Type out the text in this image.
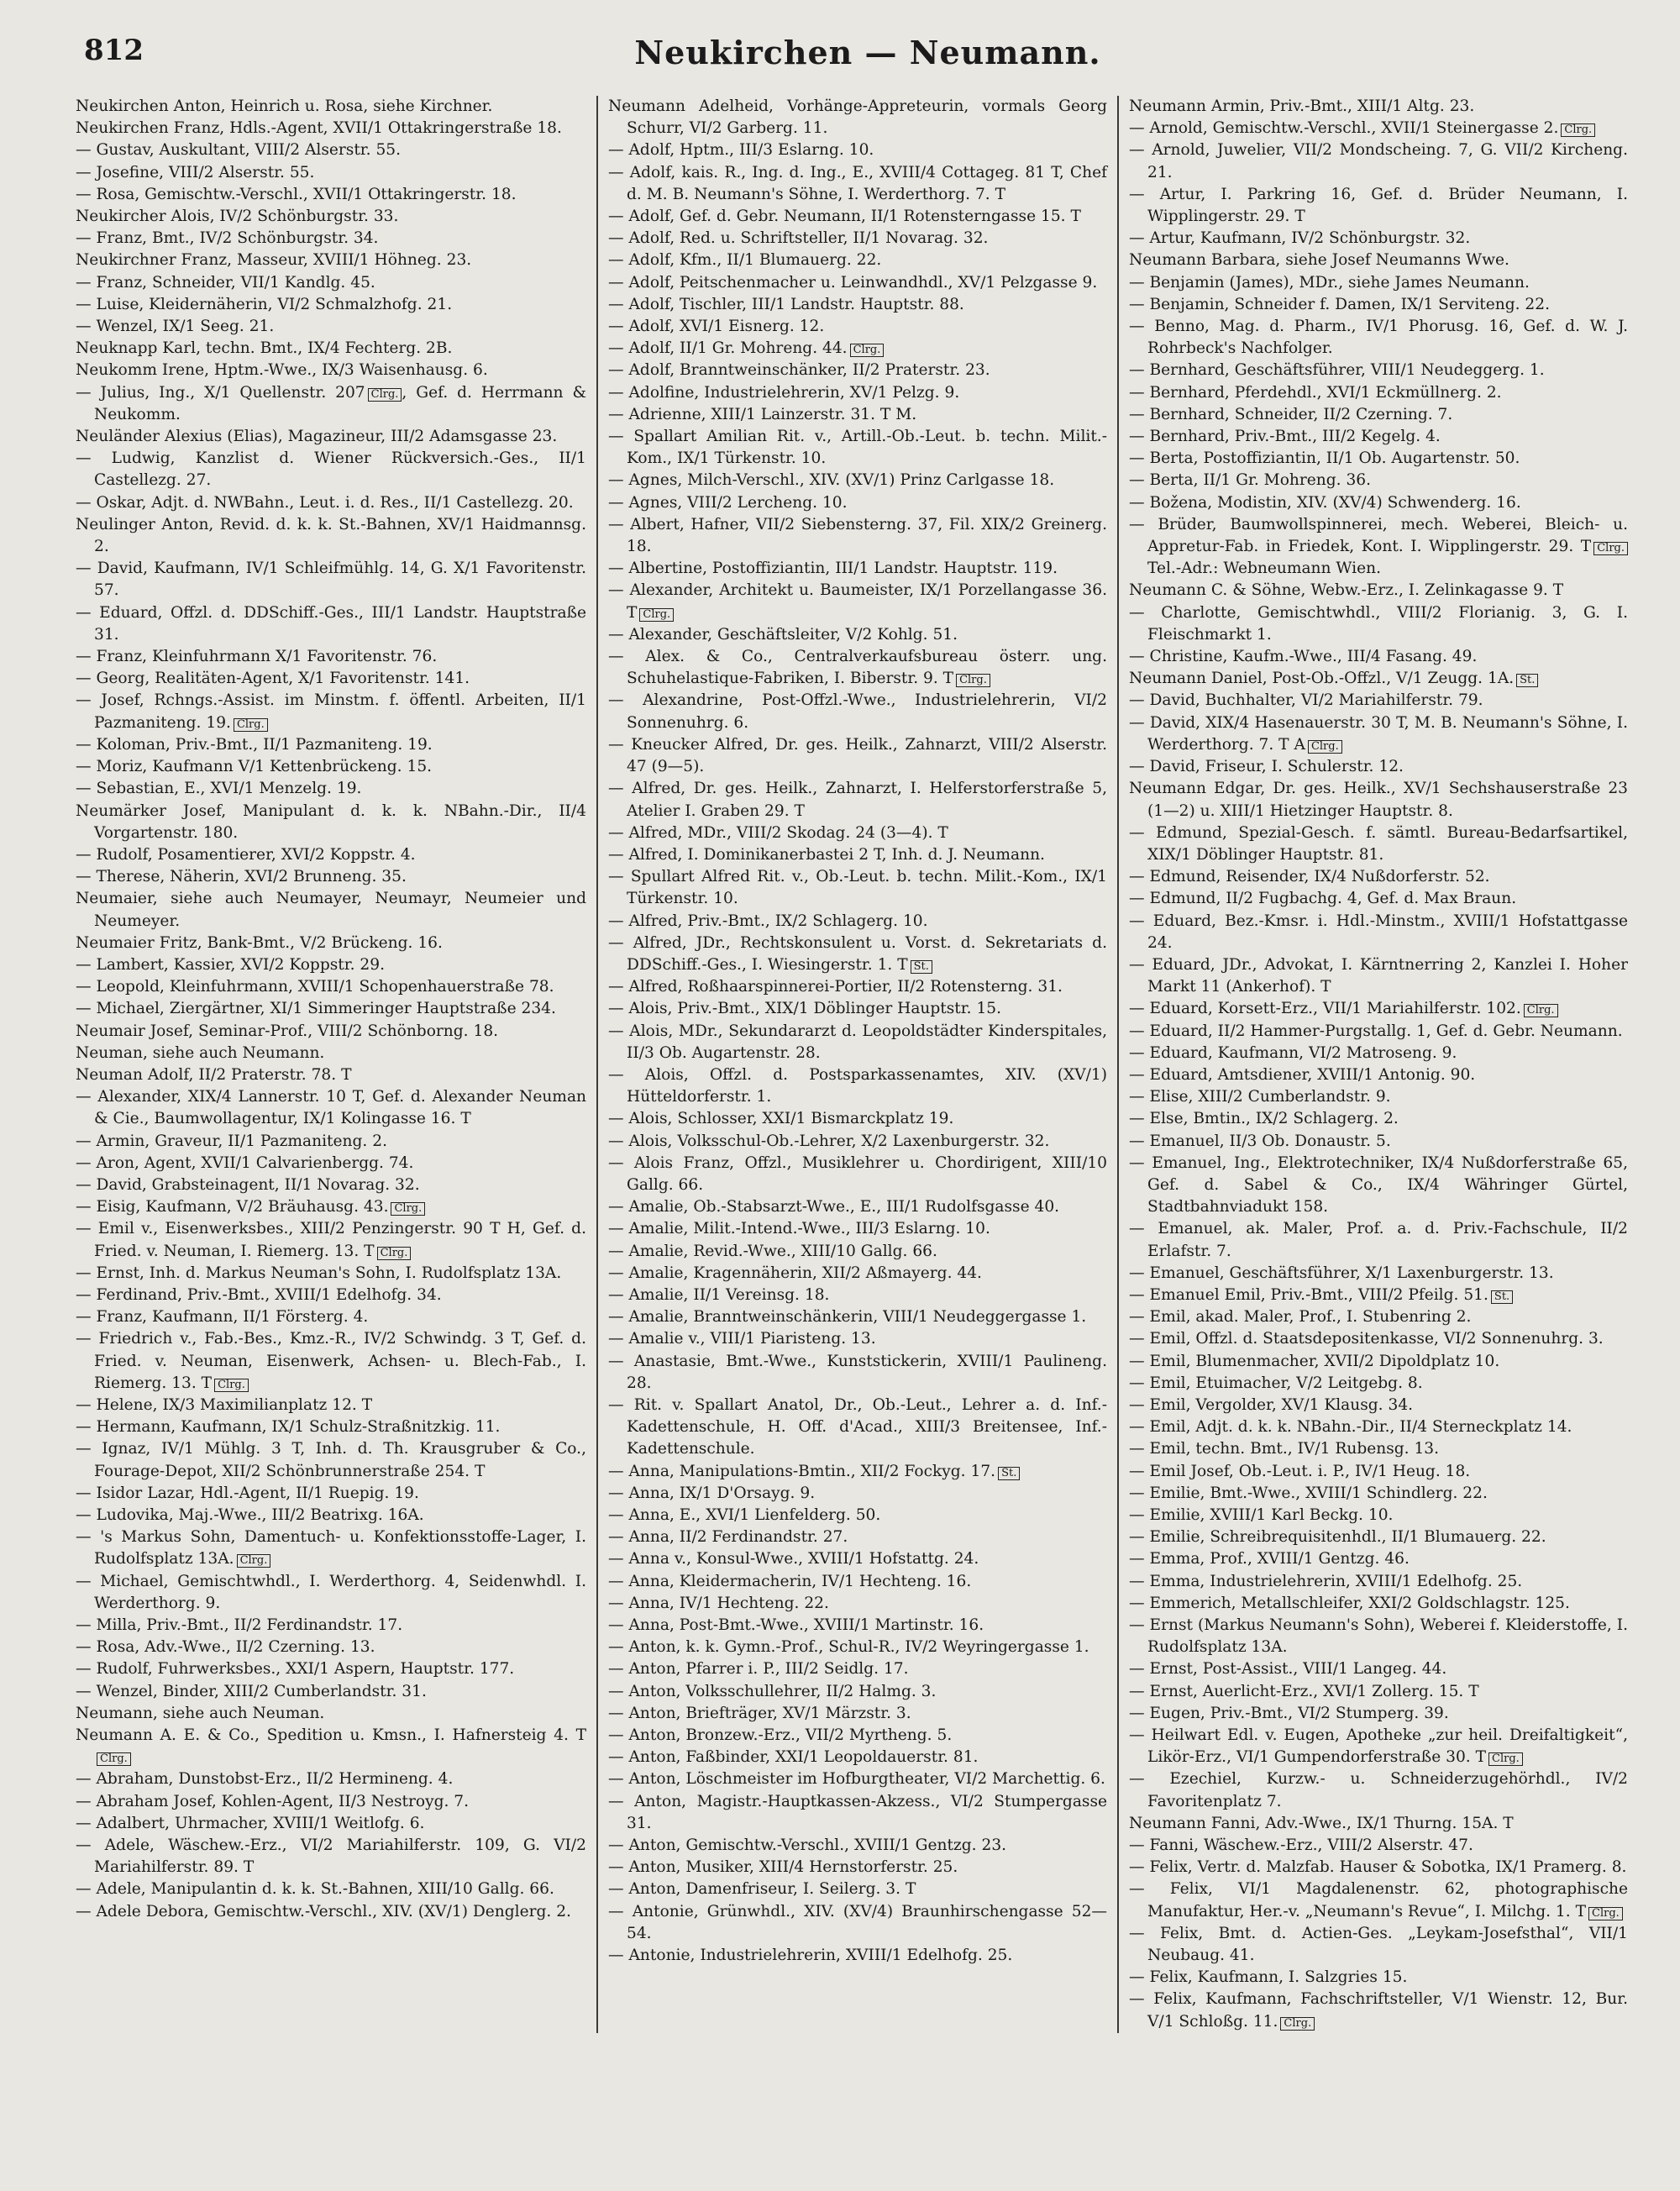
812	Neukirchen — Neumann.
Neukirchen Anton, Heinrich u. Rosa, siehe Kirchner.
Neukirchen Franz, Hdls.-Agent, XVII/1 Ottakringerstraße 18.
— Gustav, Auskultant, VIII/2 Alserstr. 55.
— Josefine, VIII/2 Alserstr. 55.
— Rosa, Gemischtw.-Verschl., XVII/1 Ottakringerstr. 18.
Neukircher Alois, IV/2 Schönburgstr. 33.
— Franz, Bmt., IV/2 Schönburgstr. 34.
Neukirchner Franz, Masseur, XVIII/1 Höhneg. 23.
— Franz, Schneider, VII/1 Kandlg. 45.
— Luise, Kleidernäherin, VI/2 Schmalzhofg. 21.
— Wenzel, IX/1 Seeg. 21.
Neuknapp Karl, techn. Bmt., IX/4 Fechterg. 2B.
Neukomm Irene, Hptm.-Wwe., IX/3 Waisenhausg. 6.
— Julius, Ing., X/1 Quellenstr. 207 Clrg. , Gef. d. Herrmann & Neukomm.
Neuländer Alexius (Elias), Magazineur, III/2 Adamsgasse 23.
— Ludwig, Kanzlist d. Wiener Rückversich.-Ges., II/1 Castellezg. 27.
— Oskar, Adjt. d. NWBahn., Leut. i. d. Res., II/1 Castellezg. 20.
Neulinger Anton, Revid. d. k. k. St.-Bahnen, XV/1 Haidmannsg. 2.
— David, Kaufmann, IV/1 Schleifmühlg. 14, G. X/1 Favoritenstr. 57.
— Eduard, Offzl. d. DDSchiff.-Ges., III/1 Landstr. Hauptstraße 31.
— Franz, Kleinfuhrmann X/1 Favoritenstr. 76.
— Georg, Realitäten-Agent, X/1 Favoritenstr. 141.
— Josef, Rchngs.-Assist. im Minstm. f. öffentl. Arbeiten, II/1 Pazmaniteng. 19. Clrg.
— Koloman, Priv.-Bmt., II/1 Pazmaniteng. 19.
— Moriz, Kaufmann V/1 Kettenbrückeng. 15.
— Sebastian, E., XVI/1 Menzelg. 19.
Neumärker Josef, Manipulant d. k. k. NBahn.-Dir., II/4 Vorgartenstr. 180.
— Rudolf, Posamentierer, XVI/2 Koppstr. 4.
— Therese, Näherin, XVI/2 Brunneng. 35.
Neumaier, siehe auch Neumayer, Neumayr, Neumeier und Neumeyer.
Neumaier Fritz, Bank-Bmt., V/2 Brückeng. 16.
— Lambert, Kassier, XVI/2 Koppstr. 29.
— Leopold, Kleinfuhrmann, XVIII/1 Schopenhauerstraße 78.
— Michael, Ziergärtner, XI/1 Simmeringer Hauptstraße 234.
Neumair Josef, Seminar-Prof., VIII/2 Schönborng. 18.
Neuman, siehe auch Neumann.
Neuman Adolf, II/2 Praterstr. 78. T
— Alexander, XIX/4 Lannerstr. 10 T, Gef. d. Alexander Neuman & Cie., Baumwollagentur, IX/1 Kolingasse 16. T
— Armin, Graveur, II/1 Pazmaniteng. 2.
— Aron, Agent, XVII/1 Calvarienbergg. 74.
— David, Grabsteinagent, II/1 Novarag. 32.
— Eisig, Kaufmann, V/2 Bräuhausg. 43. Clrg.
— Emil v., Eisenwerksbes., XIII/2 Penzingerstr. 90 T H, Gef. d. Fried. v. Neuman, I. Riemerg. 13. T Clrg.
— Ernst, Inh. d. Markus Neuman's Sohn, I. Rudolfsplatz 13A.
— Ferdinand, Priv.-Bmt., XVIII/1 Edelhofg. 34.
— Franz, Kaufmann, II/1 Försterg. 4.
— Friedrich v., Fab.-Bes., Kmz.-R., IV/2 Schwindg. 3 T, Gef. d. Fried. v. Neuman, Eisenwerk, Achsen- u. Blech-Fab., I. Riemerg. 13. T Clrg.
— Helene, IX/3 Maximilianplatz 12. T
— Hermann, Kaufmann, IX/1 Schulz-Straßnitzkig. 11.
— Ignaz, IV/1 Mühlg. 3 T, Inh. d. Th. Krausgruber & Co., Fourage-Depot, XII/2 Schönbrunnerstraße 254. T
— Isidor Lazar, Hdl.-Agent, II/1 Ruepig. 19.
— Ludovika, Maj.-Wwe., III/2 Beatrixg. 16A.
— 's Markus Sohn, Damentuch- u. Konfektionsstoffe-Lager, I. Rudolfsplatz 13A. Clrg.
— Michael, Gemischtwhdl., I. Werderthorg. 4, Seidenwhdl. I. Werderthorg. 9.
— Milla, Priv.-Bmt., II/2 Ferdinandstr. 17.
— Rosa, Adv.-Wwe., II/2 Czerning. 13.
— Rudolf, Fuhrwerksbes., XXI/1 Aspern, Hauptstr. 177.
— Wenzel, Binder, XIII/2 Cumberlandstr. 31.
Neumann, siehe auch Neuman.
Neumann A. E. & Co., Spedition u. Kmsn., I. Hafnersteig 4. TClrg.
— Abraham, Dunstobst-Erz., II/2 Hermineng. 4.
— Abraham Josef, Kohlen-Agent, II/3 Nestroyg. 7.
— Adalbert, Uhrmacher, XVIII/1 Weitlofg. 6.
— Adele, Wäschew.-Erz., VI/2 Mariahilferstr. 109, G. VI/2 Mariahilferstr. 89. T
— Adele, Manipulantin d. k. k. St.-Bahnen, XIII/10 Gallg. 66.
— Adele Debora, Gemischtw.-Verschl., XIV. (XV/1) Denglerg. 2.
Neumann Adelheid, Vorhänge-Appreteurin, vormals Georg Schurr, VI/2 Garberg. 11.
— Adolf, Hptm., III/3 Eslarng. 10.
— Adolf, kais. R., Ing. d. Ing., E., XVIII/4 Cottageg. 81 T, Chef d. M. B. Neumann's Söhne, I. Werderthorg. 7. T
— Adolf, Gef. d. Gebr. Neumann, II/1 Rotensterngasse 15. T
— Adolf, Red. u. Schriftsteller, II/1 Novarag. 32.
— Adolf, Kfm., II/1 Blumauerg. 22.
— Adolf, Peitschenmacher u. Leinwandhdl., XV/1 Pelzgasse 9.
— Adolf, Tischler, III/1 Landstr. Hauptstr. 88.
— Adolf, XVI/1 Eisnerg. 12.
— Adolf, II/1 Gr. Mohreng. 44. Clrg.
— Adolf, Branntweinschänker, II/2 Praterstr. 23.
— Adolfine, Industrielehrerin, XV/1 Pelzg. 9.
— Adrienne, XIII/1 Lainzerstr. 31. T M.
— Spallart Amilian Rit. v., Artill.-Ob.-Leut. b. techn. Milit.-Kom., IX/1 Türkenstr. 10.
— Agnes, Milch-Verschl., XIV. (XV/1) Prinz Carlgasse 18.
— Agnes, VIII/2 Lercheng. 10.
— Albert, Hafner, VII/2 Siebensterng. 37, Fil. XIX/2 Greinerg. 18.
— Albertine, Postoffiziantin, III/1 Landstr. Hauptstr. 119.
— Alexander, Architekt u. Baumeister, IX/1 Porzellangasse 36. T Clrg.
— Alexander, Geschäftsleiter, V/2 Kohlg. 51.
— Alex. & Co., Centralverkaufsbureau österr. ung. Schuhelastique-Fabriken, I. Biberstr. 9. T Clrg.
— Alexandrine, Post-Offzl.-Wwe., Industrielehrerin, VI/2 Sonnenuhrg. 6.
— Kneucker Alfred, Dr. ges. Heilk., Zahnarzt, VIII/2 Alserstr. 47 (9—5).
— Alfred, Dr. ges. Heilk., Zahnarzt, I. Helferstorferstraße 5, Atelier I. Graben 29. T
— Alfred, MDr., VIII/2 Skodag. 24 (3—4). T
— Alfred, I. Dominikanerbastei 2 T, Inh. d. J. Neumann.
— Spullart Alfred Rit. v., Ob.-Leut. b. techn. Milit.-Kom., IX/1 Türkenstr. 10.
— Alfred, Priv.-Bmt., IX/2 Schlagerg. 10.
— Alfred, JDr., Rechtskonsulent u. Vorst. d. Sekretariats d. DDSchiff.-Ges., I. Wiesingerstr. 1. T St.
— Alfred, Roßhaarspinnerei-Portier, II/2 Rotensterng. 31.
— Alois, Priv.-Bmt., XIX/1 Döblinger Hauptstr. 15.
— Alois, MDr., Sekundararzt d. Leopoldstädter Kinderspitales, II/3 Ob. Augartenstr. 28.
— Alois, Offzl. d. Postsparkassenamtes, XIV. (XV/1) Hütteldorferstr. 1.
— Alois, Schlosser, XXI/1 Bismarckplatz 19.
— Alois, Volksschul-Ob.-Lehrer, X/2 Laxenburgerstr. 32.
— Alois Franz, Offzl., Musiklehrer u. Chordirigent, XIII/10 Gallg. 66.
— Amalie, Ob.-Stabsarzt-Wwe., E., III/1 Rudolfsgasse 40.
— Amalie, Milit.-Intend.-Wwe., III/3 Eslarng. 10.
— Amalie, Revid.-Wwe., XIII/10 Gallg. 66.
— Amalie, Kragennäherin, XII/2 Aßmayerg. 44.
— Amalie, II/1 Vereinsg. 18.
— Amalie, Branntweinschänkerin, VIII/1 Neudeggergasse 1.
— Amalie v., VIII/1 Piaristeng. 13.
— Anastasie, Bmt.-Wwe., Kunststickerin, XVIII/1 Paulineng. 28.
— Rit. v. Spallart Anatol, Dr., Ob.-Leut., Lehrer a. d. Inf.-Kadettenschule, H. Off. d'Acad., XIII/3 Breitensee, Inf.-Kadettenschule.
— Anna, Manipulations-Bmtin., XII/2 Fockyg. 17. St.
— Anna, IX/1 D'Orsayg. 9.
— Anna, E., XVI/1 Lienfelderg. 50.
— Anna, II/2 Ferdinandstr. 27.
— Anna v., Konsul-Wwe., XVIII/1 Hofstattg. 24.
— Anna, Kleidermacherin, IV/1 Hechteng. 16.
— Anna, IV/1 Hechteng. 22.
— Anna, Post-Bmt.-Wwe., XVIII/1 Martinstr. 16.
— Anton, k. k. Gymn.-Prof., Schul-R., IV/2 Weyringergasse 1.
— Anton, Pfarrer i. P., III/2 Seidlg. 17.
— Anton, Volksschullehrer, II/2 Halmg. 3.
— Anton, Briefträger, XV/1 Märzstr. 3.
— Anton, Bronzew.-Erz., VII/2 Myrtheng. 5.
— Anton, Faßbinder, XXI/1 Leopoldauerstr. 81.
— Anton, Löschmeister im Hofburgtheater, VI/2 Marchettig. 6.
— Anton, Magistr.-Hauptkassen-Akzess., VI/2 Stumpergasse 31.
— Anton, Gemischtw.-Verschl., XVIII/1 Gentzg. 23.
— Anton, Musiker, XIII/4 Hernstorferstr. 25.
— Anton, Damenfriseur, I. Seilerg. 3. T
— Antonie, Grünwhdl., XIV. (XV/4) Braunhirschengasse 52—54.
— Antonie, Industrielehrerin, XVIII/1 Edelhofg. 25.
Neumann Armin, Priv.-Bmt., XIII/1 Altg. 23.
— Arnold, Gemischtw.-Verschl., XVII/1 Steinergasse 2. Clrg.
— Arnold, Juwelier, VII/2 Mondscheing. 7, G. VII/2 Kircheng. 21.
— Artur, I. Parkring 16, Gef. d. Brüder Neumann, I. Wipplingerstr. 29. T
— Artur, Kaufmann, IV/2 Schönburgstr. 32.
Neumann Barbara, siehe Josef Neumanns Wwe.
— Benjamin (James), MDr., siehe James Neumann.
— Benjamin, Schneider f. Damen, IX/1 Serviteng. 22.
— Benno, Mag. d. Pharm., IV/1 Phorusg. 16, Gef. d. W. J. Rohrbeck's Nachfolger.
— Bernhard, Geschäftsführer, VIII/1 Neudeggerg. 1.
— Bernhard, Pferdehdl., XVI/1 Eckmüllnerg. 2.
— Bernhard, Schneider, II/2 Czerning. 7.
— Bernhard, Priv.-Bmt., III/2 Kegelg. 4.
— Berta, Postoffiziantin, II/1 Ob. Augartenstr. 50.
— Berta, II/1 Gr. Mohreng. 36.
— Božena, Modistin, XIV. (XV/4) Schwenderg. 16.
— Brüder, Baumwollspinnerei, mech. Weberei, Bleich- u. Appretur-Fab. in Friedek, Kont. I. Wipplingerstr. 29. T Clrg. Tel.-Adr.: Webneumann Wien.
Neumann C. & Söhne, Webw.-Erz., I. Zelinkagasse 9. T
— Charlotte, Gemischtwhdl., VIII/2 Florianig. 3, G. I. Fleischmarkt 1.
— Christine, Kaufm.-Wwe., III/4 Fasang. 49.
Neumann Daniel, Post-Ob.-Offzl., V/1 Zeugg. 1A. St.
— David, Buchhalter, VI/2 Mariahilferstr. 79.
— David, XIX/4 Hasenauerstr. 30 T, M. B. Neumann's Söhne, I. Werderthorg. 7. T A Clrg.
— David, Friseur, I. Schulerstr. 12.
Neumann Edgar, Dr. ges. Heilk., XV/1 Sechshauserstraße 23 (1—2) u. XIII/1 Hietzinger Hauptstr. 8.
— Edmund, Spezial-Gesch. f. sämtl. Bureau-Bedarfsartikel, XIX/1 Döblinger Hauptstr. 81.
— Edmund, Reisender, IX/4 Nußdorferstr. 52.
— Edmund, II/2 Fugbachg. 4, Gef. d. Max Braun.
— Eduard, Bez.-Kmsr. i. Hdl.-Minstm., XVIII/1 Hofstattgasse 24.
— Eduard, JDr., Advokat, I. Kärntnerring 2, Kanzlei I. Hoher Markt 11 (Ankerhof). T
— Eduard, Korsett-Erz., VII/1 Mariahilferstr. 102. Clrg.
— Eduard, II/2 Hammer-Purgstallg. 1, Gef. d. Gebr. Neumann.
— Eduard, Kaufmann, VI/2 Matroseng. 9.
— Eduard, Amtsdiener, XVIII/1 Antonig. 90.
— Elise, XIII/2 Cumberlandstr. 9.
— Else, Bmtin., IX/2 Schlagerg. 2.
— Emanuel, II/3 Ob. Donaustr. 5.
— Emanuel, Ing., Elektrotechniker, IX/4 Nußdorferstraße 65, Gef. d. Sabel & Co., IX/4 Währinger Gürtel, Stadtbahnviadukt 158.
— Emanuel, ak. Maler, Prof. a. d. Priv.-Fachschule, II/2 Erlafstr. 7.
— Emanuel, Geschäftsführer, X/1 Laxenburgerstr. 13.
— Emanuel Emil, Priv.-Bmt., VIII/2 Pfeilg. 51. St.
— Emil, akad. Maler, Prof., I. Stubenring 2.
— Emil, Offzl. d. Staatsdepositenkasse, VI/2 Sonnenuhrg. 3.
— Emil, Blumenmacher, XVII/2 Dipoldplatz 10.
— Emil, Etuimacher, V/2 Leitgebg. 8.
— Emil, Vergolder, XV/1 Klausg. 34.
— Emil, Adjt. d. k. k. NBahn.-Dir., II/4 Sterneckplatz 14.
— Emil, techn. Bmt., IV/1 Rubensg. 13.
— Emil Josef, Ob.-Leut. i. P., IV/1 Heug. 18.
— Emilie, Bmt.-Wwe., XVIII/1 Schindlerg. 22.
— Emilie, XVIII/1 Karl Beckg. 10.
— Emilie, Schreibrequisitenhdl., II/1 Blumauerg. 22.
— Emma, Prof., XVIII/1 Gentzg. 46.
— Emma, Industrielehrerin, XVIII/1 Edelhofg. 25.
— Emmerich, Metallschleifer, XXI/2 Goldschlagstr. 125.
— Ernst (Markus Neumann's Sohn), Weberei f. Kleiderstoffe, I. Rudolfsplatz 13A.
— Ernst, Post-Assist., VIII/1 Langeg. 44.
— Ernst, Auerlicht-Erz., XVI/1 Zollerg. 15. T
— Eugen, Priv.-Bmt., VI/2 Stumperg. 39.
— Heilwart Edl. v. Eugen, Apotheke „zur heil. Dreifaltigkeit“, Likör-Erz., VI/1 Gumpendorferstraße 30. T Clrg.
— Ezechiel, Kurzw.- u. Schneiderzugehörhdl., IV/2 Favoritenplatz 7.
Neumann Fanni, Adv.-Wwe., IX/1 Thurng. 15A. T
— Fanni, Wäschew.-Erz., VIII/2 Alserstr. 47.
— Felix, Vertr. d. Malzfab. Hauser & Sobotka, IX/1 Pramerg. 8.
— Felix, VI/1 Magdalenenstr. 62, photographische Manufaktur, Her.-v. „Neumann's Revue“, I. Milchg. 1. T Clrg.
— Felix, Bmt. d. Actien-Ges. „Leykam-Josefsthal“, VII/1 Neubaug. 41.
— Felix, Kaufmann, I. Salzgries 15.
— Felix, Kaufmann, Fachschriftsteller, V/1 Wienstr. 12, Bur. V/1 Schloßg. 11. Clrg.
